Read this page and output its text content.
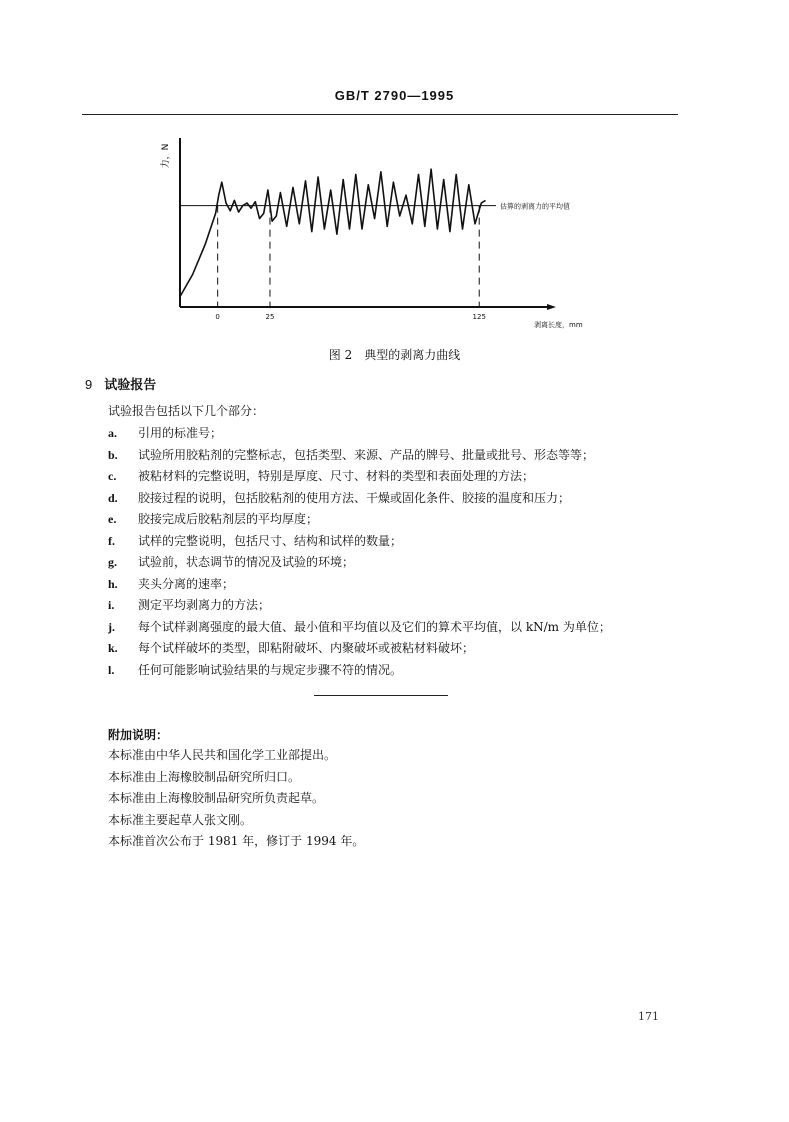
GB/T 2790—1995
力，N
剥离长度，mm
估算的剥离力的平均值
0	25	125
图 2　典型的剥离力曲线
9 试验报告
试验报告包括以下几个部分：
a. 引用的标准号；
b. 试验所用胶粘剂的完整标志，包括类型、来源、产品的牌号、批量或批号、形态等等；
c. 被粘材料的完整说明，特别是厚度、尺寸、材料的类型和表面处理的方法；
d. 胶接过程的说明，包括胶粘剂的使用方法、干燥或固化条件、胶接的温度和压力；
e. 胶接完成后胶粘剂层的平均厚度；
f. 试样的完整说明，包括尺寸、结构和试样的数量；
g. 试验前，状态调节的情况及试验的环境；
h. 夹头分离的速率；
i. 测定平均剥离力的方法；
j. 每个试样剥离强度的最大值、最小值和平均值以及它们的算术平均值，以 kN/m 为单位；
k. 每个试样破坏的类型，即粘附破坏、内聚破坏或被粘材料破坏；
l. 任何可能影响试验结果的与规定步骤不符的情况。
附加说明：
本标准由中华人民共和国化学工业部提出。
本标准由上海橡胶制品研究所归口。
本标准由上海橡胶制品研究所负责起草。
本标准主要起草人张文刚。
本标准首次公布于 1981 年，修订于 1994 年。
171
